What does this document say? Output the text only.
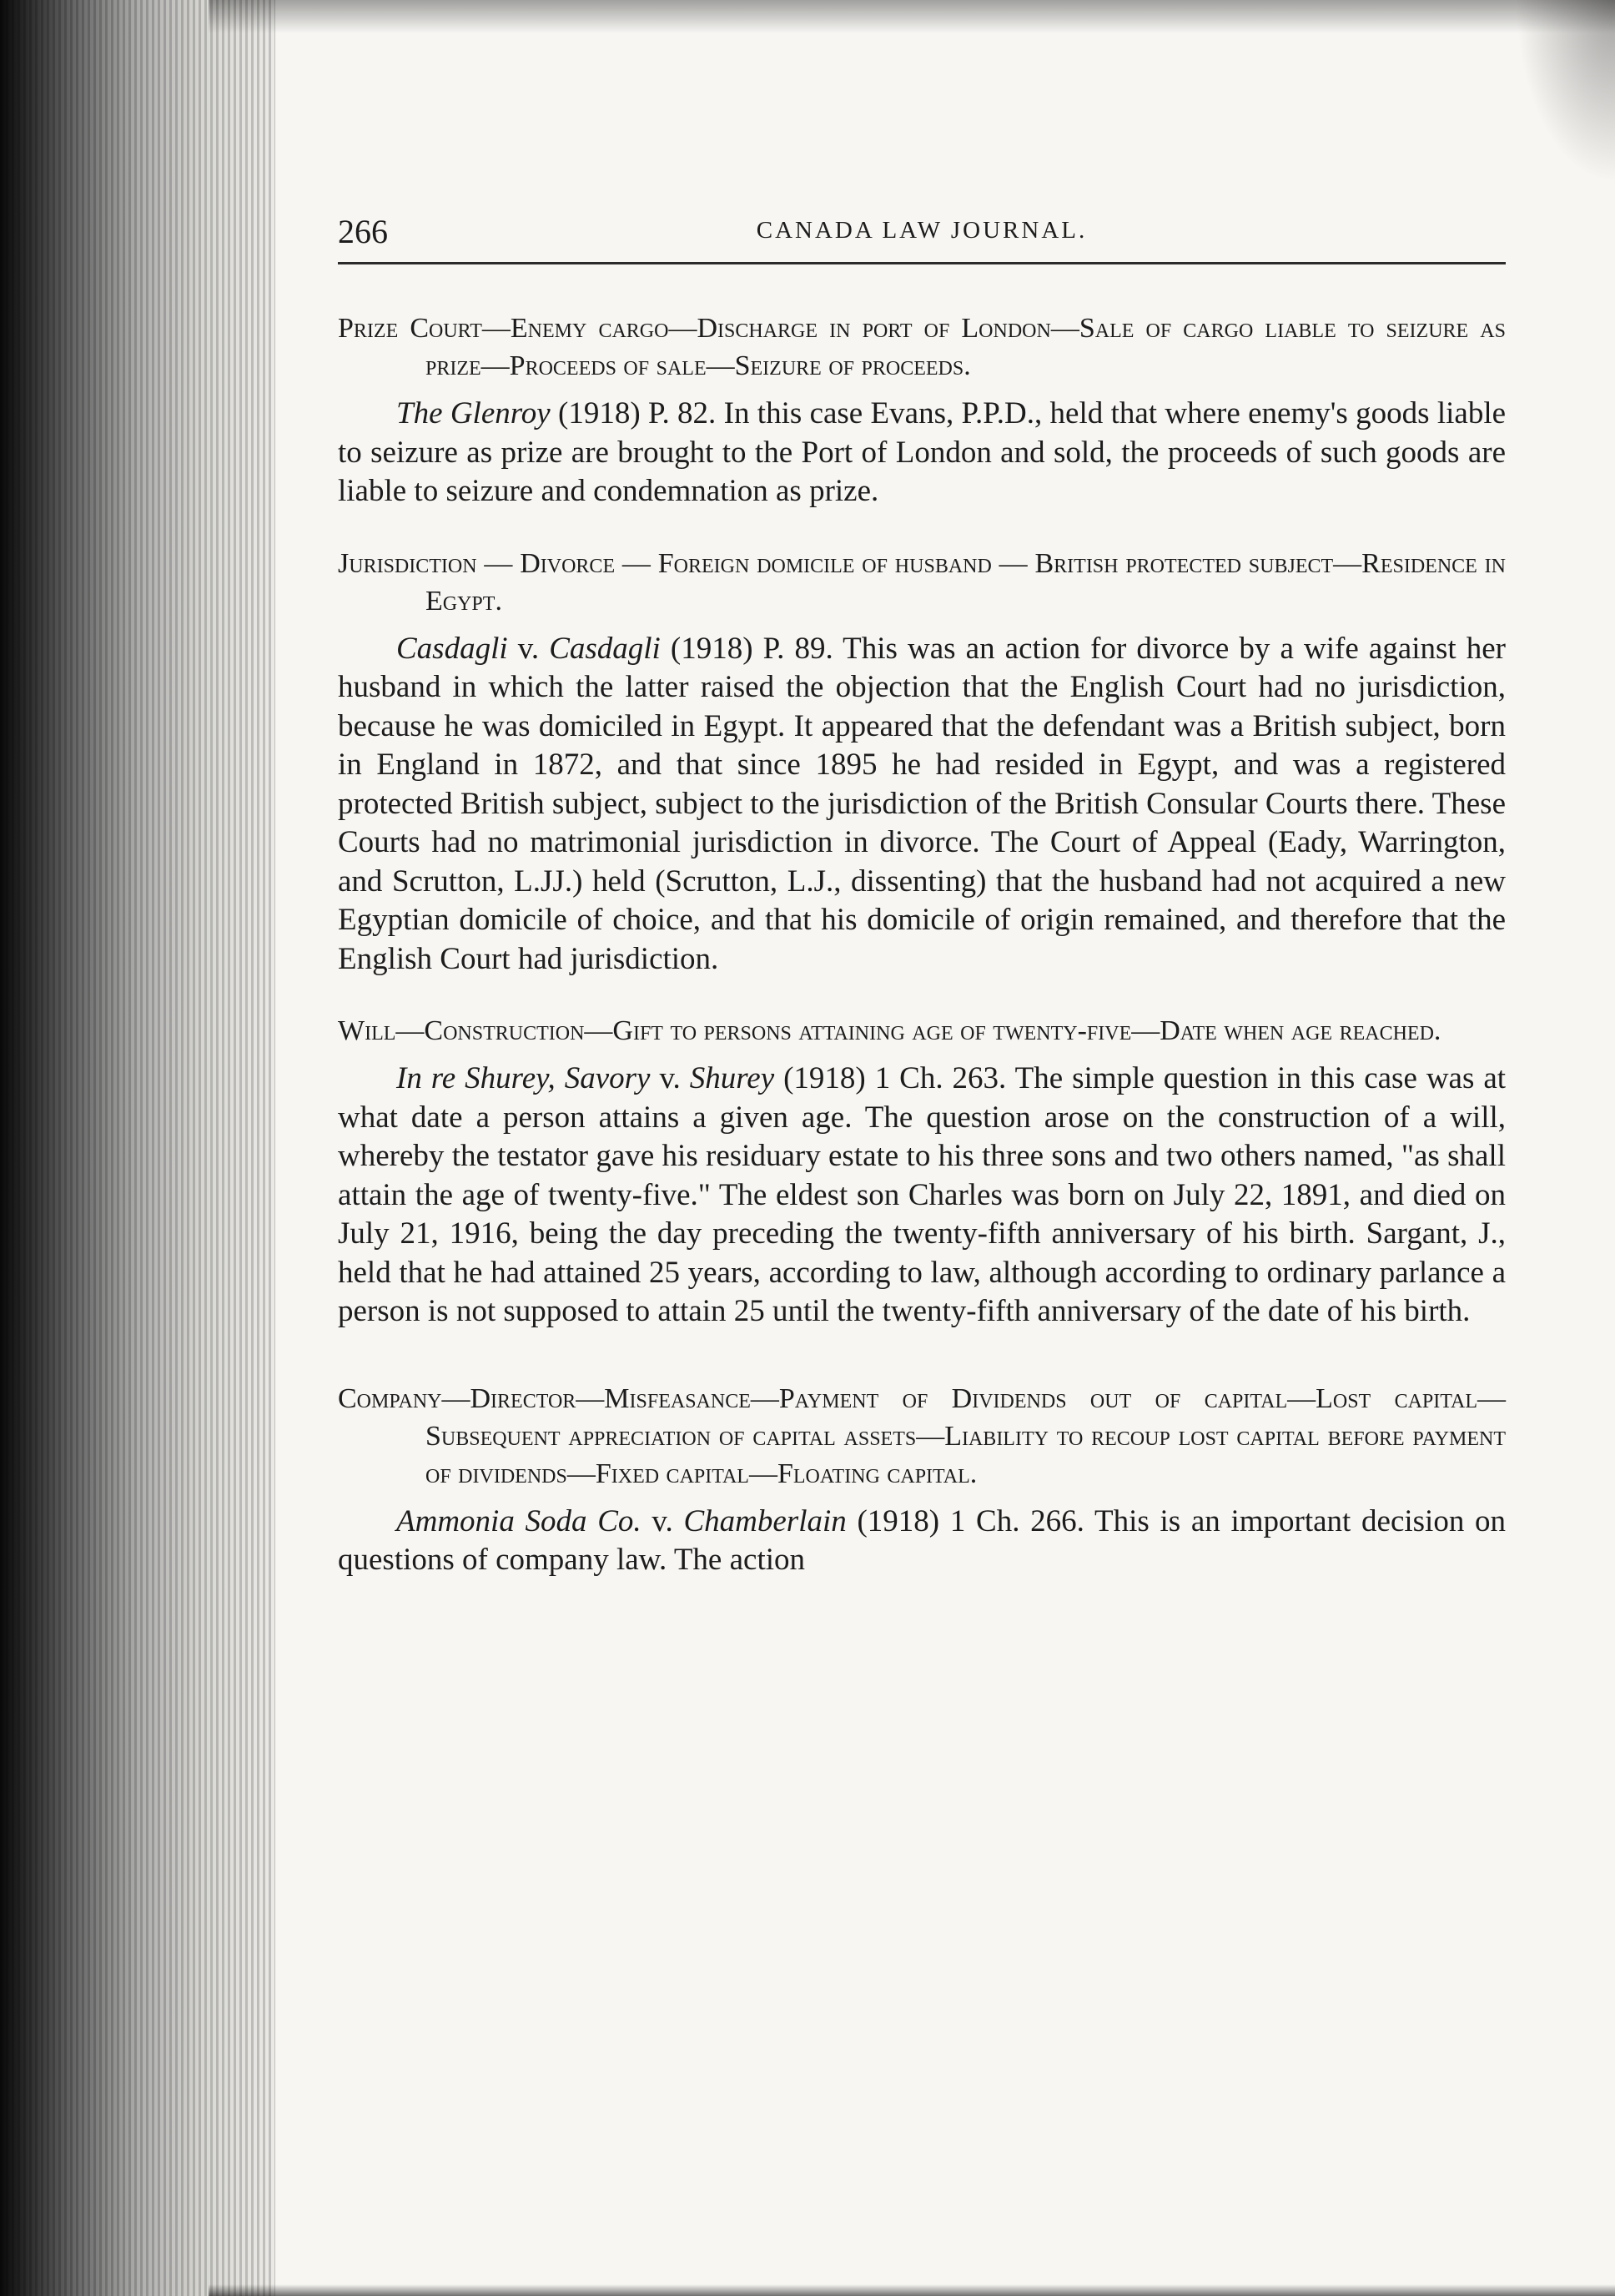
266	CANADA LAW JOURNAL.
Prize Court—Enemy cargo—Discharge in port of London—Sale of cargo liable to seizure as prize—Proceeds of sale—Seizure of proceeds.
The Glenroy (1918) P. 82. In this case Evans, P.P.D., held that where enemy's goods liable to seizure as prize are brought to the Port of London and sold, the proceeds of such goods are liable to seizure and condemnation as prize.
Jurisdiction — Divorce — Foreign domicile of husband — British protected subject—Residence in Egypt.
Casdagli v. Casdagli (1918) P. 89. This was an action for divorce by a wife against her husband in which the latter raised the objection that the English Court had no jurisdiction, because he was domiciled in Egypt. It appeared that the defendant was a British subject, born in England in 1872, and that since 1895 he had resided in Egypt, and was a registered protected British subject, subject to the jurisdiction of the British Consular Courts there. These Courts had no matrimonial jurisdiction in divorce. The Court of Appeal (Eady, Warrington, and Scrutton, L.JJ.) held (Scrutton, L.J., dissenting) that the husband had not acquired a new Egyptian domicile of choice, and that his domicile of origin remained, and therefore that the English Court had jurisdiction.
Will—Construction—Gift to persons attaining age of twenty-five—Date when age reached.
In re Shurey, Savory v. Shurey (1918) 1 Ch. 263. The simple question in this case was at what date a person attains a given age. The question arose on the construction of a will, whereby the testator gave his residuary estate to his three sons and two others named, "as shall attain the age of twenty-five." The eldest son Charles was born on July 22, 1891, and died on July 21, 1916, being the day preceding the twenty-fifth anniversary of his birth. Sargant, J., held that he had attained 25 years, according to law, although according to ordinary parlance a person is not supposed to attain 25 until the twenty-fifth anniversary of the date of his birth.
Company—Director—Misfeasance—Payment of Dividends out of capital—Lost capital—Subsequent appreciation of capital assets—Liability to recoup lost capital before payment of dividends—Fixed capital—Floating capital.
Ammonia Soda Co. v. Chamberlain (1918) 1 Ch. 266. This is an important decision on questions of company law. The action
